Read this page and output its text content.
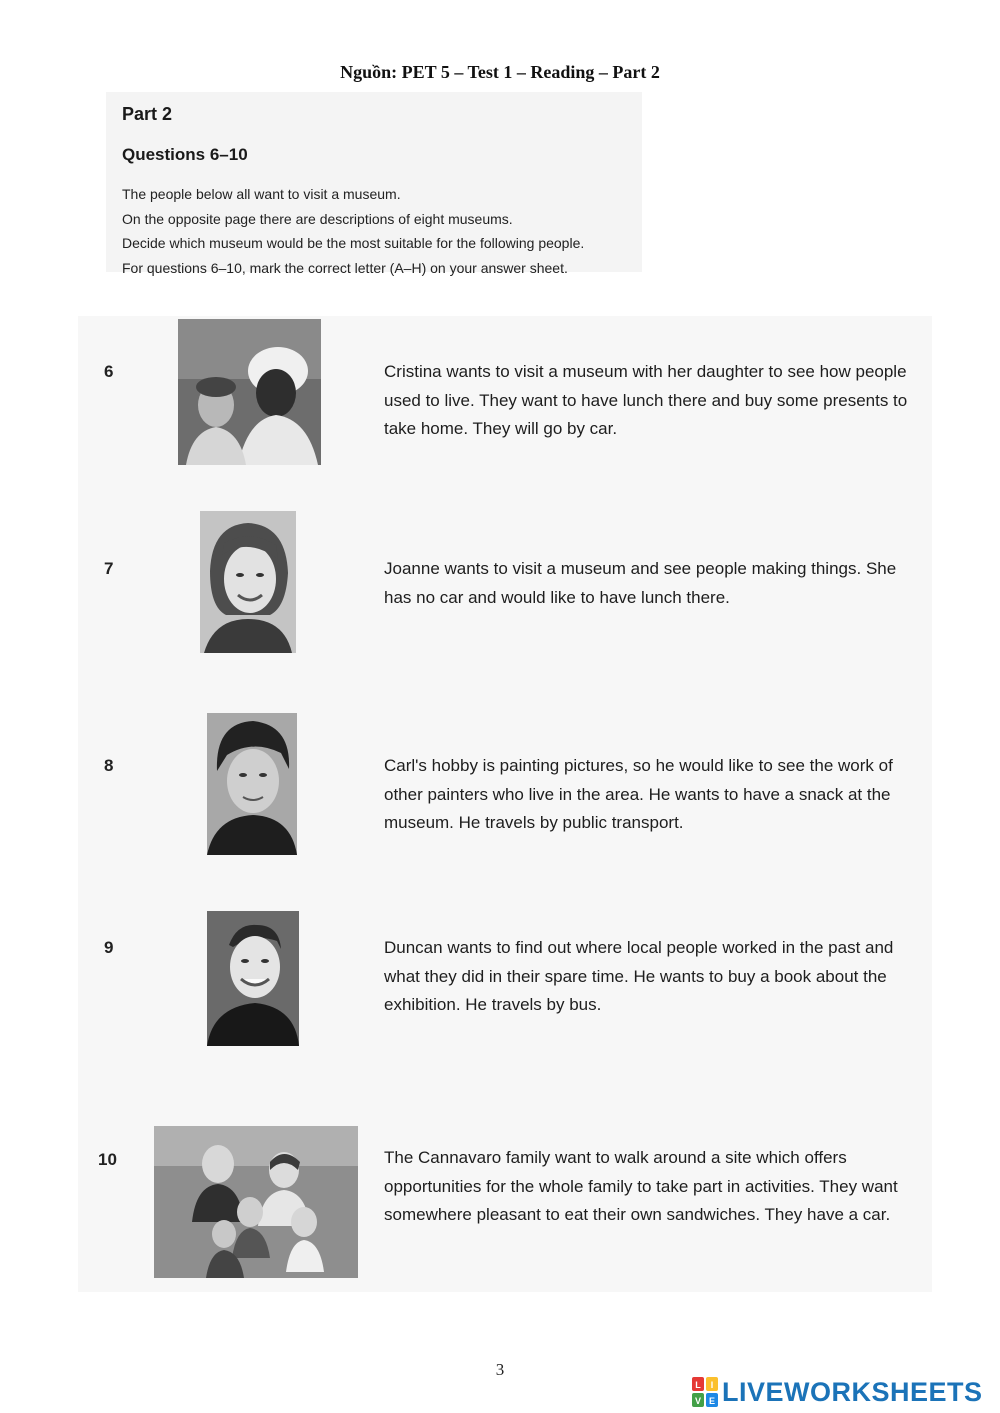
Nguồn: PET 5 – Test 1 – Reading – Part 2
Part 2
Questions 6–10
The people below all want to visit a museum.
On the opposite page there are descriptions of eight museums.
Decide which museum would be the most suitable for the following people.
For questions 6–10, mark the correct letter (A–H) on your answer sheet.
6	Cristina wants to visit a museum with her daughter to see how people used to live. They want to have lunch there and buy some presents to take home. They will go by car.
7	Joanne wants to visit a museum and see people making things. She has no car and would like to have lunch there.
8	Carl's hobby is painting pictures, so he would like to see the work of other painters who live in the area. He wants to have a snack at the museum. He travels by public transport.
9	Duncan wants to find out where local people worked in the past and what they did in their spare time. He wants to buy a book about the exhibition. He travels by bus.
10	The Cannavaro family want to walk around a site which offers opportunities for the whole family to take part in activities. They want somewhere pleasant to eat their own sandwiches. They have a car.
3
L I
V E LIVEWORKSHEETS
